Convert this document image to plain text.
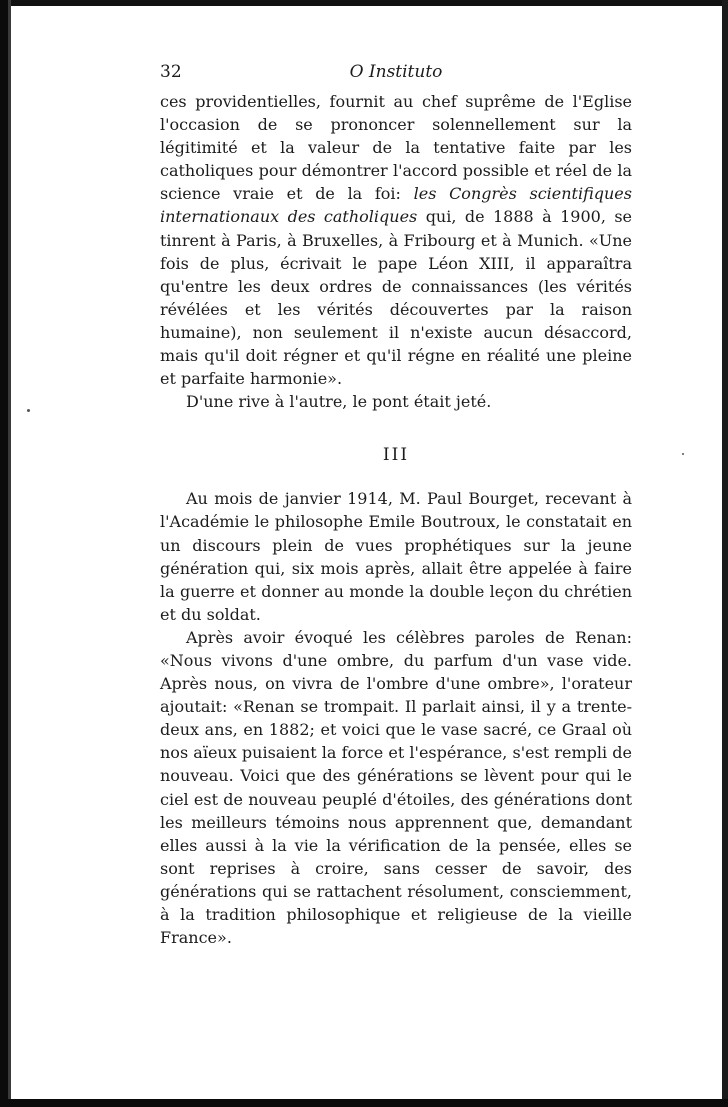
32	O Instituto

ces providentielles, fournit au chef suprême de l'Eglise l'occasion de se prononcer solennellement sur la légitimité et la valeur de la tentative faite par les catholiques pour démontrer l'accord possible et réel de la science vraie et de la foi: les Congrès scientifiques internationaux des catholiques qui, de 1888 à 1900, se tinrent à Paris, à Bruxelles, à Fribourg et à Munich. «Une fois de plus, écrivait le pape Léon XIII, il apparaîtra qu'entre les deux ordres de connaissances (les vérités révélées et les vérités découvertes par la raison humaine), non seulement il n'existe aucun désaccord, mais qu'il doit régner et qu'il régne en réalité une pleine et parfaite harmonie».

D'une rive à l'autre, le pont était jeté.

III

Au mois de janvier 1914, M. Paul Bourget, recevant à l'Académie le philosophe Emile Boutroux, le constatait en un discours plein de vues prophétiques sur la jeune génération qui, six mois après, allait être appelée à faire la guerre et donner au monde la double leçon du chrétien et du soldat.

Après avoir évoqué les célèbres paroles de Renan: «Nous vivons d'une ombre, du parfum d'un vase vide. Après nous, on vivra de l'ombre d'une ombre», l'orateur ajoutait: «Renan se trompait. Il parlait ainsi, il y a trente-deux ans, en 1882; et voici que le vase sacré, ce Graal où nos aïeux puisaient la force et l'espérance, s'est rempli de nouveau. Voici que des générations se lèvent pour qui le ciel est de nouveau peuplé d'étoiles, des générations dont les meilleurs témoins nous apprennent que, demandant elles aussi à la vie la vérification de la pensée, elles se sont reprises à croire, sans cesser de savoir, des générations qui se rattachent résolument, consciemment, à la tradition philosophique et religieuse de la vieille France».
